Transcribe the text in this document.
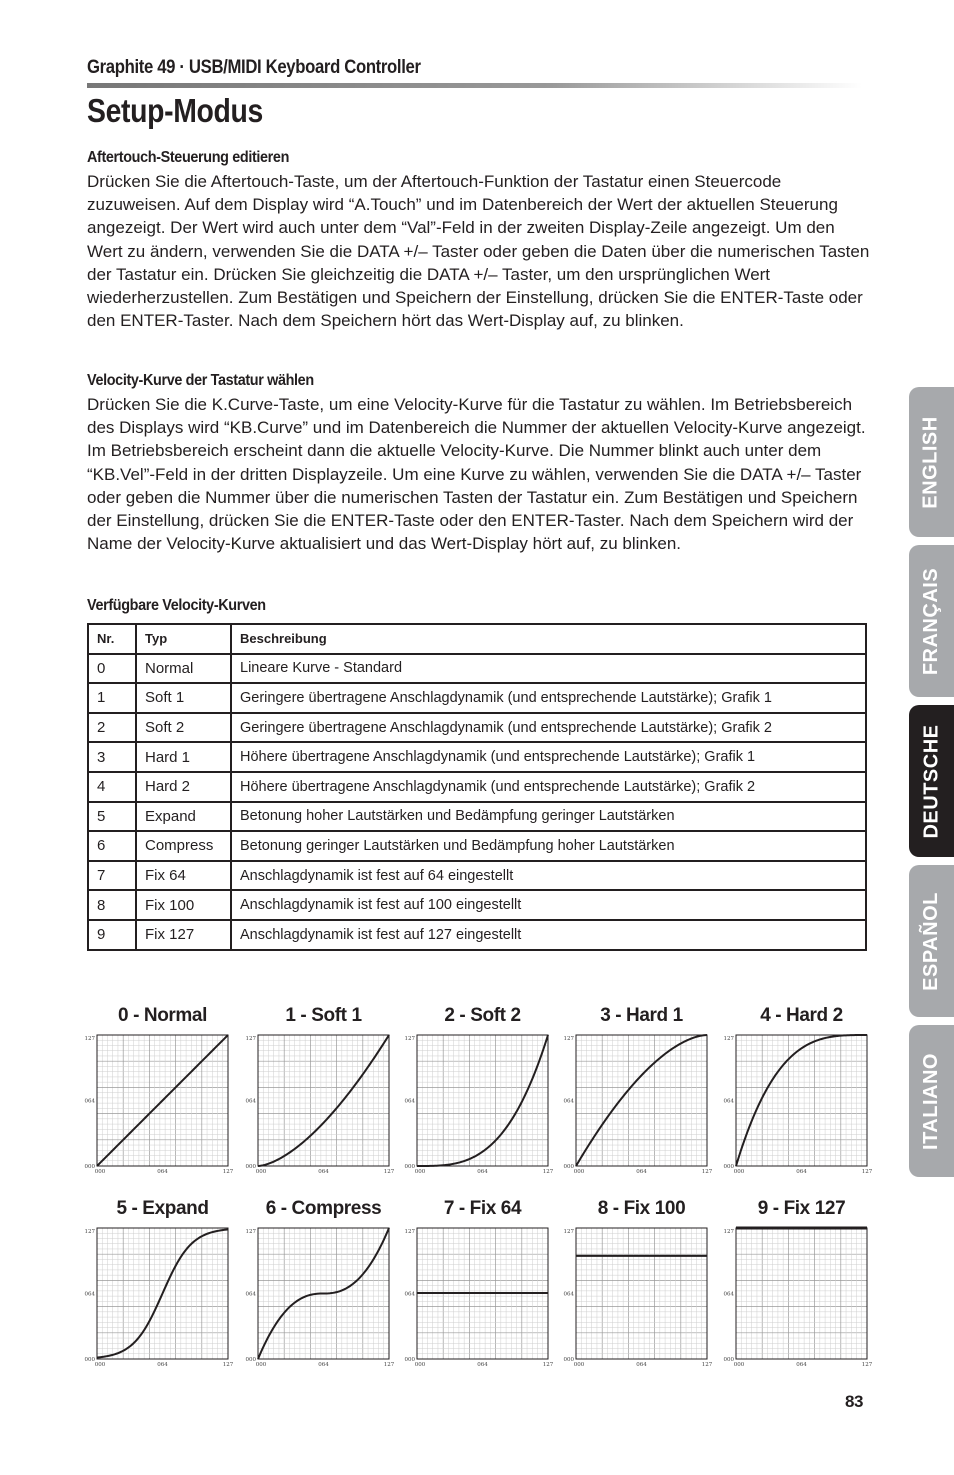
Graphite 49 · USB/MIDI Keyboard Controller
Setup-Modus
Aftertouch-Steuerung editieren
Drücken Sie die Aftertouch-Taste, um der Aftertouch-Funktion der Tastatur einen Steuercode zuzuweisen. Auf dem Display wird “A.Touch” und im Datenbereich der Wert der aktuellen Steuerung angezeigt. Der Wert wird auch unter dem “Val”-Feld in der zweiten Display-Zeile angezeigt. Um den Wert zu ändern, verwenden Sie die DATA +/– Taster oder geben die Daten über die numerischen Tasten der Tastatur ein. Drücken Sie gleichzeitig die DATA +/– Taster, um den ursprünglichen Wert wiederherzustellen. Zum Bestätigen und Speichern der Einstellung, drücken Sie die ENTER-Taste oder den ENTER-Taster. Nach dem Speichern hört das Wert-Display auf, zu blinken.
Velocity-Kurve der Tastatur wählen
Drücken Sie die K.Curve-Taste, um eine Velocity-Kurve für die Tastatur zu wählen. Im Betriebsbereich des Displays wird “KB.Curve” und im Datenbereich die Nummer der aktuellen Velocity-Kurve angezeigt. Im Betriebsbereich erscheint dann die aktuelle Velocity-Kurve. Die Nummer blinkt auch unter dem “KB.Vel”-Feld in der dritten Displayzeile. Um eine Kurve zu wählen, verwenden Sie die DATA +/– Taster oder geben die Nummer über die numerischen Tasten der Tastatur ein. Zum Bestätigen und Speichern der Einstellung, drücken Sie die ENTER-Taste oder den ENTER-Taster. Nach dem Speichern wird der Name der Velocity-Kurve aktualisiert und das Wert-Display hört auf, zu blinken.
Verfügbare Velocity-Kurven
Nr.	Typ	Beschreibung
0	Normal	Lineare Kurve - Standard
1	Soft 1	Geringere übertragene Anschlagdynamik (und entsprechende Lautstärke); Grafik 1
2	Soft 2	Geringere übertragene Anschlagdynamik (und entsprechende Lautstärke); Grafik 2
3	Hard 1	Höhere übertragene Anschlagdynamik (und entsprechende Lautstärke); Grafik 1
4	Hard 2	Höhere übertragene Anschlagdynamik (und entsprechende Lautstärke); Grafik 2
5	Expand	Betonung hoher Lautstärken und Bedämpfung geringer Lautstärken
6	Compress	Betonung geringer Lautstärken und Bedämpfung hoher Lautstärken
7	Fix 64	Anschlagdynamik ist fest auf 64 eingestellt
8	Fix 100	Anschlagdynamik ist fest auf 100 eingestellt
9	Fix 127	Anschlagdynamik ist fest auf 127 eingestellt
0 - Normal
000	064	127
000
064
127
1 - Soft 1
000	064	127
000
064
127
2 - Soft 2
000	064	127
000
064
127
3 - Hard 1
000	064	127
000
064
127
4 - Hard 2
000	064	127
000
064
127
5 - Expand
000	064	127
000
064
127
6 - Compress
000	064	127
000
064
127
7 - Fix 64
000	064	127
000
064
127
8 - Fix 100
000	064	127
000
064
127
9 - Fix 127
000	064	127
000
064
127
ENGLISH
FRANÇAIS
DEUTSCHE
ESPAÑOL
ITALIANO
83
